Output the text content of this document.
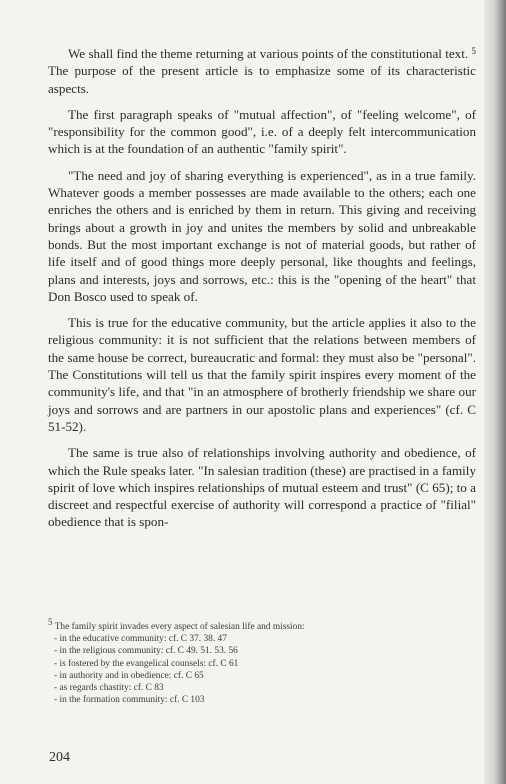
We shall find the theme returning at various points of the constitutional text. $^5$ The purpose of the present article is to emphasize some of its characteristic aspects.

The first paragraph speaks of "mutual affection", of "feeling welcome", of "responsibility for the common good", i.e. of a deeply felt intercommunication which is at the foundation of an authentic "family spirit".

"The need and joy of sharing everything is experienced", as in a true family. Whatever goods a member possesses are made available to the others; each one enriches the others and is enriched by them in return. This giving and receiving brings about a growth in joy and unites the members by solid and unbreakable bonds. But the most important exchange is not of material goods, but rather of life itself and of good things more deeply personal, like thoughts and feelings, plans and interests, joys and sorrows, etc.: this is the "opening of the heart" that Don Bosco used to speak of.

This is true for the educative community, but the article applies it also to the religious community: it is not sufficient that the relations between members of the same house be correct, bureaucratic and formal: they must also be "personal". The Constitutions will tell us that the family spirit inspires every moment of the community's life, and that "in an atmosphere of brotherly friendship we share our joys and sorrows and are partners in our apostolic plans and experiences" (cf. C 51-52).

The same is true also of relationships involving authority and obedience, of which the Rule speaks later. "In salesian tradition (these) are practised in a family spirit of love which inspires relationships of mutual esteem and trust" (C 65); to a discreet and respectful exercise of authority will correspond a practice of "filial" obedience that is spon-

$^5$ The family spirit invades every aspect of salesian life and mission:
- in the educative community: cf. C 37. 38. 47
- in the religious community: cf. C 49. 51. 53. 56
- is fostered by the evangelical counsels: cf. C 61
- in authority and in obedience: cf. C 65
- as regards chastity: cf. C 83
- in the formation community: cf. C 103
204
